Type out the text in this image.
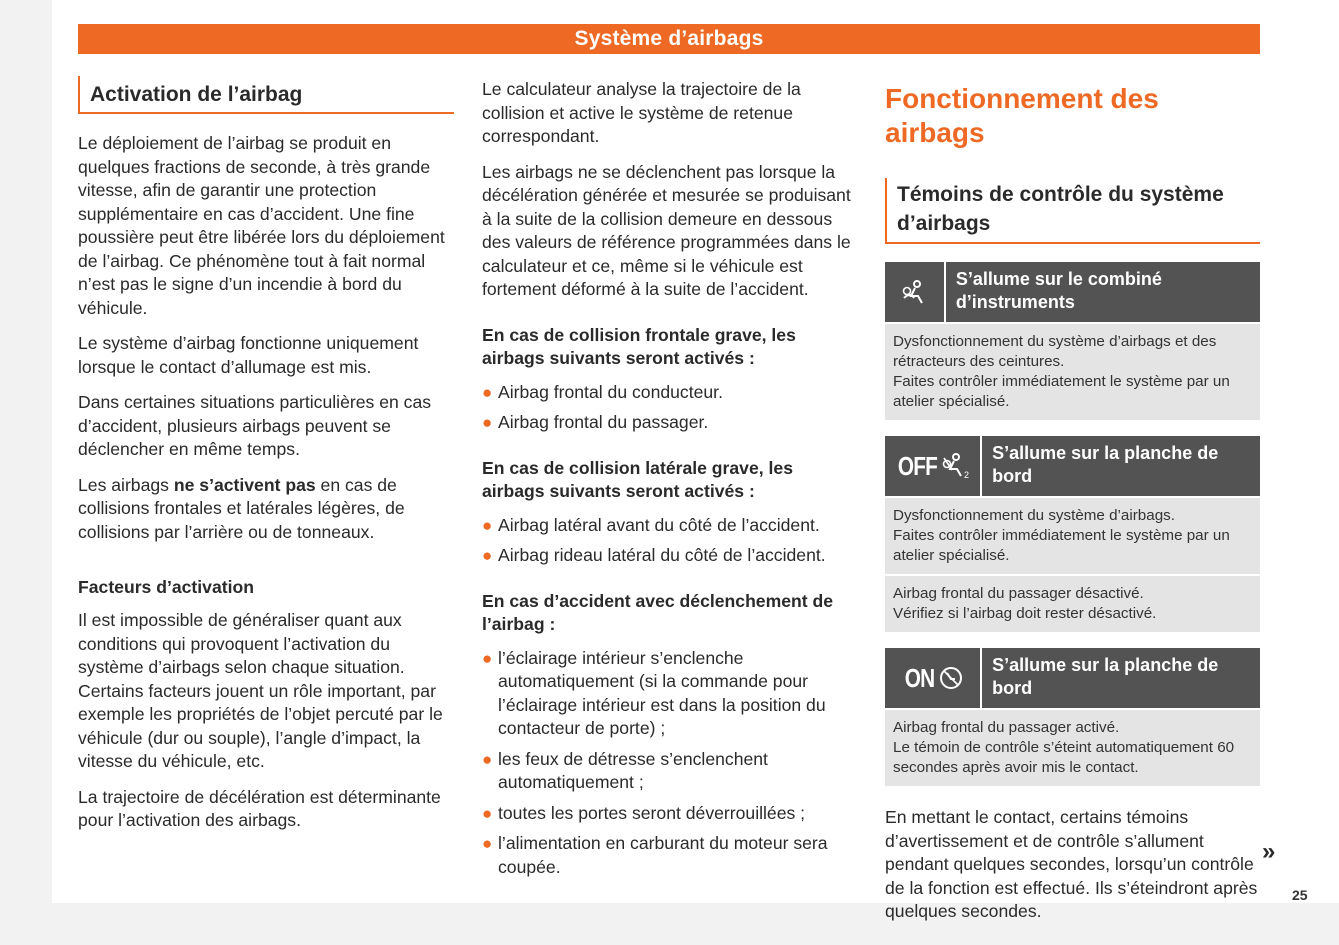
Système d’airbags
Activation de l’airbag

Le déploiement de l’airbag se produit en quelques fractions de seconde, à très grande vitesse, afin de garantir une protection supplémentaire en cas d’accident. Une fine poussière peut être libérée lors du déploiement de l’airbag. Ce phénomène tout à fait normal n’est pas le signe d’un incendie à bord du véhicule.

Le système d’airbag fonctionne uniquement lorsque le contact d’allumage est mis.

Dans certaines situations particulières en cas d’accident, plusieurs airbags peuvent se déclencher en même temps.

Les airbags ne s’activent pas en cas de collisions frontales et latérales légères, de collisions par l’arrière ou de tonneaux.

Facteurs d’activation

Il est impossible de généraliser quant aux conditions qui provoquent l’activation du système d’airbags selon chaque situation. Certains facteurs jouent un rôle important, par exemple les propriétés de l’objet percuté par le véhicule (dur ou souple), l’angle d’impact, la vitesse du véhicule, etc.

La trajectoire de décélération est déterminante pour l’activation des airbags.

Le calculateur analyse la trajectoire de la collision et active le système de retenue correspondant.

Les airbags ne se déclenchent pas lorsque la décélération générée et mesurée se produisant à la suite de la collision demeure en dessous des valeurs de référence programmées dans le calculateur et ce, même si le véhicule est fortement déformé à la suite de l’accident.

En cas de collision frontale grave, les airbags suivants seront activés :
● Airbag frontal du conducteur.
● Airbag frontal du passager.
En cas de collision latérale grave, les airbags suivants seront activés :
● Airbag latéral avant du côté de l’accident.
● Airbag rideau latéral du côté de l’accident.
En cas d’accident avec déclenchement de l’airbag :
● l’éclairage intérieur s’enclenche automatiquement (si la commande pour l’éclairage intérieur est dans la position du contacteur de porte) ;
● les feux de détresse s’enclenchent automatiquement ;
● toutes les portes seront déverrouillées ;
● l’alimentation en carburant du moteur sera coupée.
Fonctionnement des airbags
Témoins de contrôle du système d’airbags
S’allume sur le combiné d’instruments
Dysfonctionnement du système d’airbags et des rétracteurs des ceintures.
Faites contrôler immédiatement le système par un atelier spécialisé.
OFF	2
S’allume sur la planche de bord
Dysfonctionnement du système d’airbags.
Faites contrôler immédiatement le système par un atelier spécialisé.
Airbag frontal du passager désactivé.
Vérifiez si l’airbag doit rester désactivé.
ON	S’allume sur la planche de bord
Airbag frontal du passager activé.
Le témoin de contrôle s’éteint automatiquement 60 secondes après avoir mis le contact.

En mettant le contact, certains témoins d’avertissement et de contrôle s’allument pendant quelques secondes, lorsqu’un contrôle de la fonction est effectué. Ils s’éteindront après quelques secondes.

»
25
